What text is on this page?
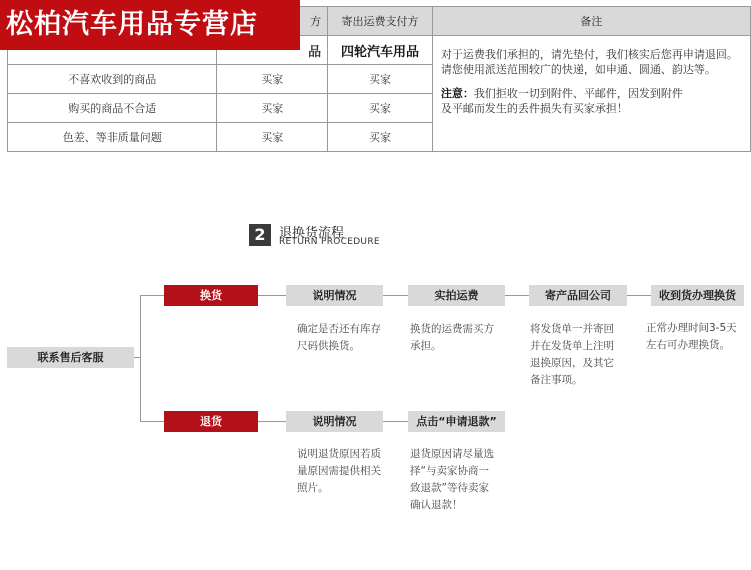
松柏汽车用品专营店
		方	寄出运费支付方	备注
	品	四轮汽车用品	对于运费我们承担的，请先垫付，我们核实后您再申请退回。请您使用派送范围较广的快递，如申通、圆通、韵达等。

注意：我们拒收一切到附件、平邮件，因发到附件

及平邮而发生的丢件损失有买家承担！

不喜欢收到的商品	买家	买家	
购买的商品不合适	买家	买家	
色差、等非质量问题	买家	买家	
2	退换货流程
RETURN PROCEDURE
联系售后客服
换货	说明情况	实拍运费	寄产品回公司	收到货办理换货
确定是否还有库存
尺码供换货。
换货的运费需买方
承担。
将发货单一并寄回
并在发货单上注明
退换原因，及其它
备注事项。
正常办理时间3-5天
左右可办理换货。
退货	说明情况	点击“申请退款”
说明退货原因若质
量原因需提供相关
照片。
退货原因请尽量选
择“与卖家协商一
致退款”等待卖家
确认退款！
